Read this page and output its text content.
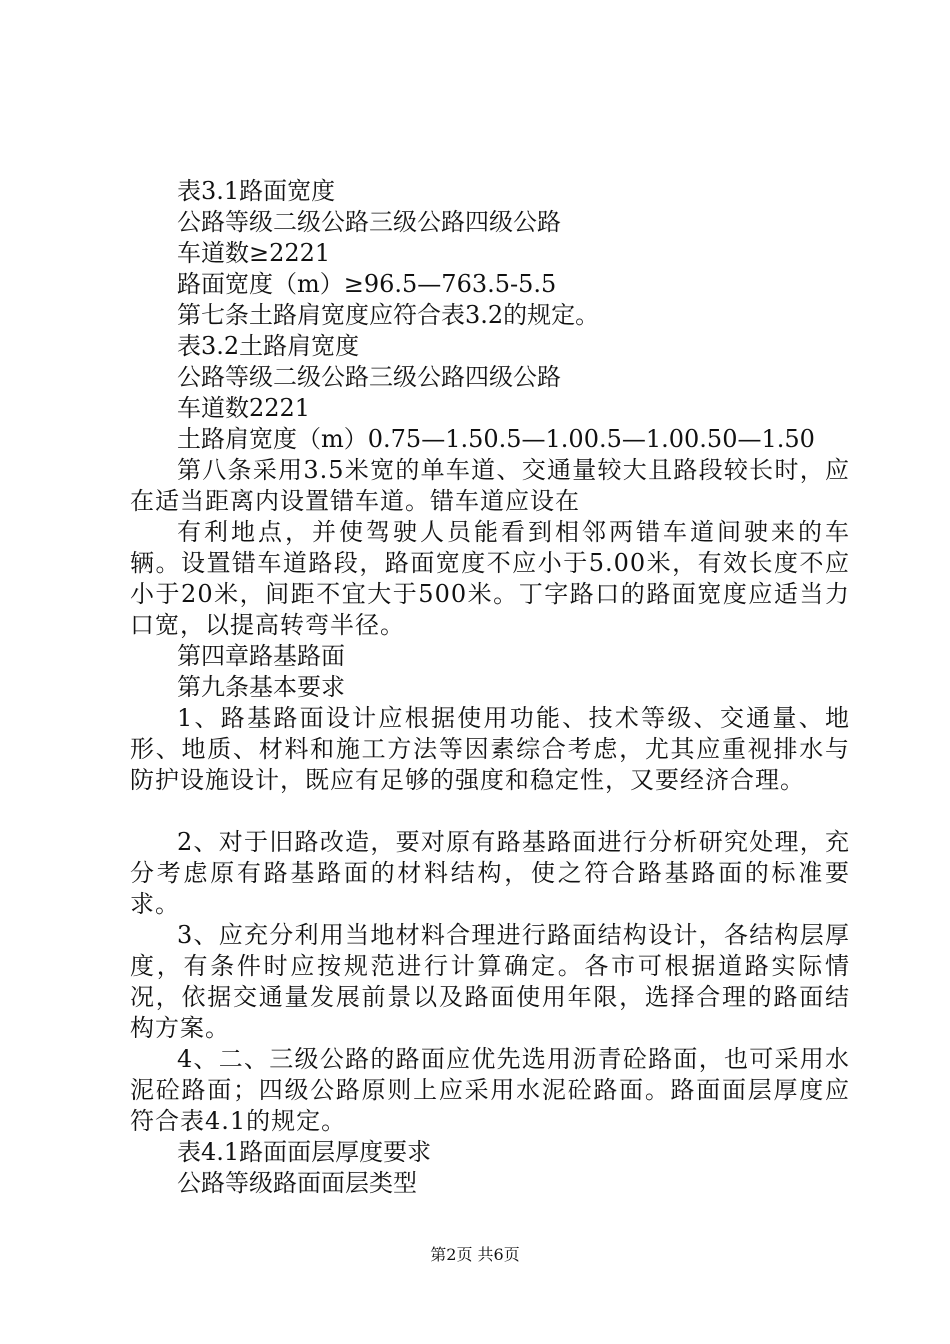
表3.1路面宽度
公路等级二级公路三级公路四级公路
车道数≥2221
路面宽度（m）≥96.5—763.5-5.5
第七条土路肩宽度应符合表3.2的规定。
表3.2土路肩宽度
公路等级二级公路三级公路四级公路
车道数2221
土路肩宽度（m）0.75—1.50.5—1.00.5—1.00.50—1.50

第八条采用3.5米宽的单车道、交通量较大且路段较长时，应在适当距离内设置错车道。错车道应设在

有利地点，并使驾驶人员能看到相邻两错车道间驶来的车辆。设置错车道路段，路面宽度不应小于5.00米，有效长度不应小于20米，间距不宜大于500米。丁字路口的路面宽度应适当力口宽，以提高转弯半径。

第四章路基路面
第九条基本要求

1、路基路面设计应根据使用功能、技术等级、交通量、地形、地质、材料和施工方法等因素综合考虑，尤其应重视排水与防护设施设计，既应有足够的强度和稳定性，又要经济合理。

2、对于旧路改造，要对原有路基路面进行分析研究处理，充分考虑原有路基路面的材料结构，使之符合路基路面的标准要求。

3、应充分利用当地材料合理进行路面结构设计，各结构层厚度，有条件时应按规范进行计算确定。各市可根据道路实际情况，依据交通量发展前景以及路面使用年限，选择合理的路面结构方案。

4、二、三级公路的路面应优先选用沥青砼路面，也可采用水泥砼路面；四级公路原则上应采用水泥砼路面。路面面层厚度应符合表4.1的规定。

表4.1路面面层厚度要求
公路等级路面面层类型
第2页 共6页
